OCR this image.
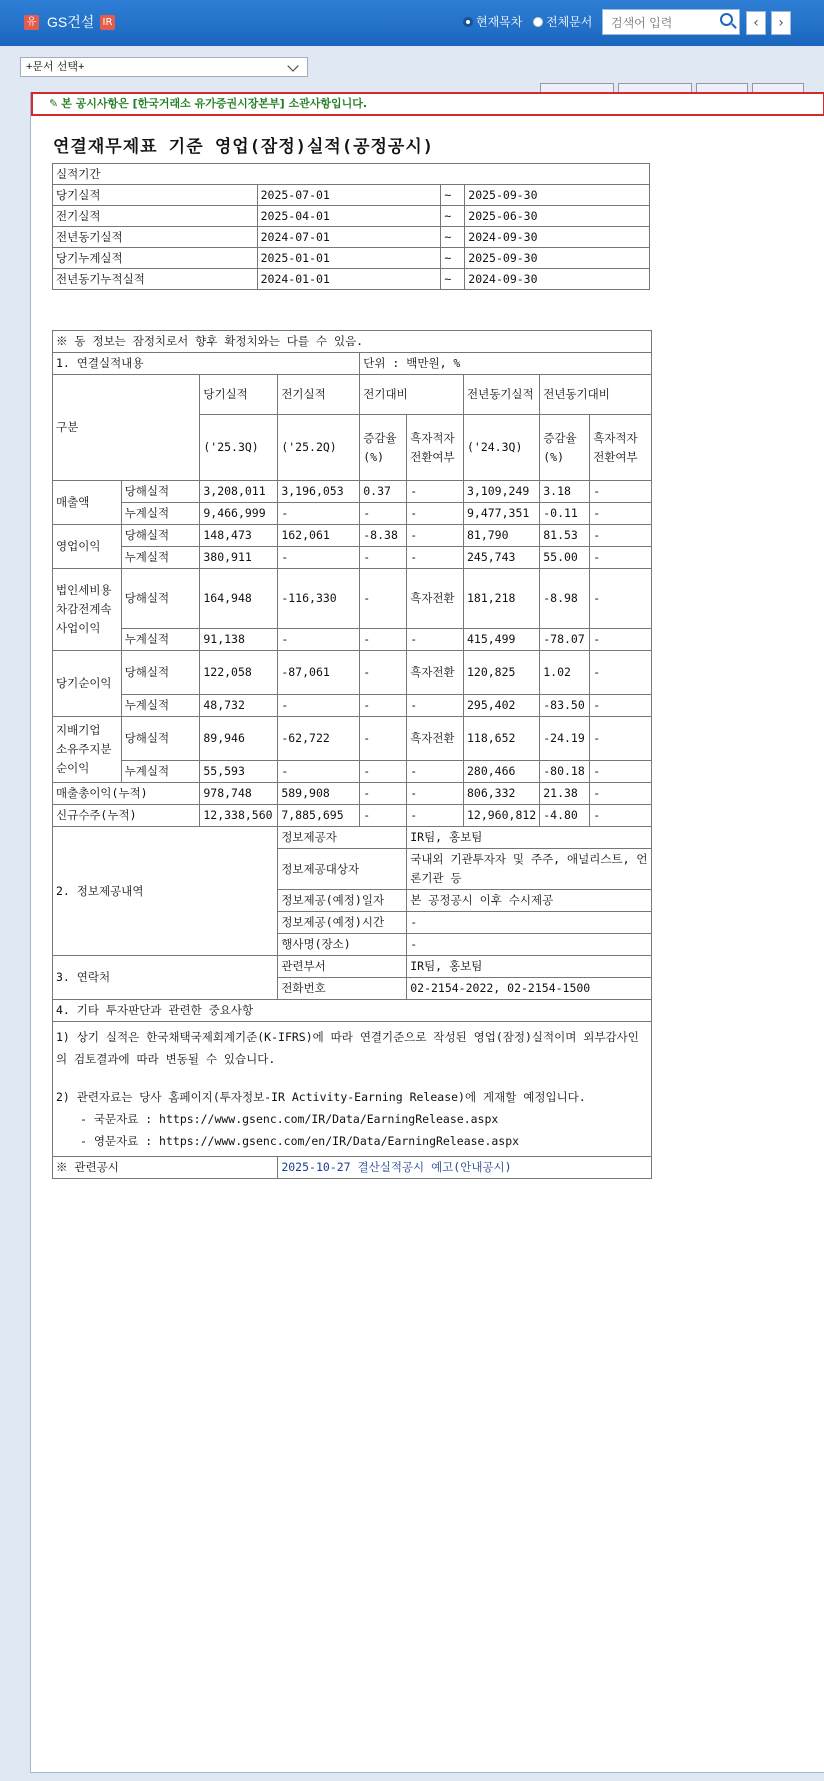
유 GS건설 IR	현재목차 전체문서
검색어 입력	‹	›
+문서 선택+
✎ 본 공시사항은 [한국거래소 유가증권시장본부] 소관사항입니다.
연결재무제표 기준 영업(잠정)실적(공정공시)
실적기간			
당기실적	2025-07-01	~	2025-09-30
전기실적	2025-04-01	~	2025-06-30
전년동기실적	2024-07-01	~	2024-09-30
당기누계실적	2025-01-01	~	2025-09-30
전년동기누적실적	2024-01-01	~	2024-09-30
※ 동 정보는 잠정치로서 향후 확정치와는 다를 수 있음.								
1. 연결실적내용				단위 : 백만원, %				
구분		당기실적	전기실적	전기대비		전년동기실적	전년동기대비	
		('25.3Q)	('25.2Q)	증감율(%)	흑자적자전환여부	('24.3Q)	증감율(%)	흑자적자전환여부
매출액	당해실적	3,208,011	3,196,053	0.37	-	3,109,249	3.18	-
	누계실적	9,466,999	-	-	-	9,477,351	-0.11	-
영업이익	당해실적	148,473	162,061	-8.38	-	81,790	81.53	-
	누계실적	380,911	-	-	-	245,743	55.00	-
법인세비용차감전계속사업이익	당해실적	164,948	-116,330	-	흑자전환	181,218	-8.98	-
	누계실적	91,138	-	-	-	415,499	-78.07	-
당기순이익	당해실적	122,058	-87,061	-	흑자전환	120,825	1.02	-
	누계실적	48,732	-	-	-	295,402	-83.50	-
지배기업 소유주지분 순이익	당해실적	89,946	-62,722	-	흑자전환	118,652	-24.19	-
	누계실적	55,593	-	-	-	280,466	-80.18	-
매출총이익(누적)		978,748	589,908	-	-	806,332	21.38	-
신규수주(누적)		12,338,560	7,885,695	-	-	12,960,812	-4.80	-
2. 정보제공내역			정보제공자		IR팀, 홍보팀			
			정보제공대상자		국내외 기관투자자 및 주주, 애널리스트, 언론기관 등			
			정보제공(예정)일자		본 공정공시 이후 수시제공			
			정보제공(예정)시간		-			
			행사명(장소)		-			
3. 연락처			관련부서		IR팀, 홍보팀			
			전화번호		02-2154-2022, 02-2154-1500			
4. 기타 투자판단과 관련한 중요사항								

1) 상기 실적은 한국채택국제회계기준(K-IFRS)에 따라 연결기준으로 작성된 영업(잠정)실적이며 외부감사인의 검토결과에 따라 변동될 수 있습니다.
2) 관련자료는 당사 홈페이지(투자정보-IR Activity-Earning Release)에 게재할 예정입니다.
- 국문자료 : https://www.gsenc.com/IR/Data/EarningRelease.aspx
- 영문자료 : https://www.gsenc.com/en/IR/Data/EarningRelease.aspx								

※ 관련공시			2025-10-27 결산실적공시 예고(안내공시)					
